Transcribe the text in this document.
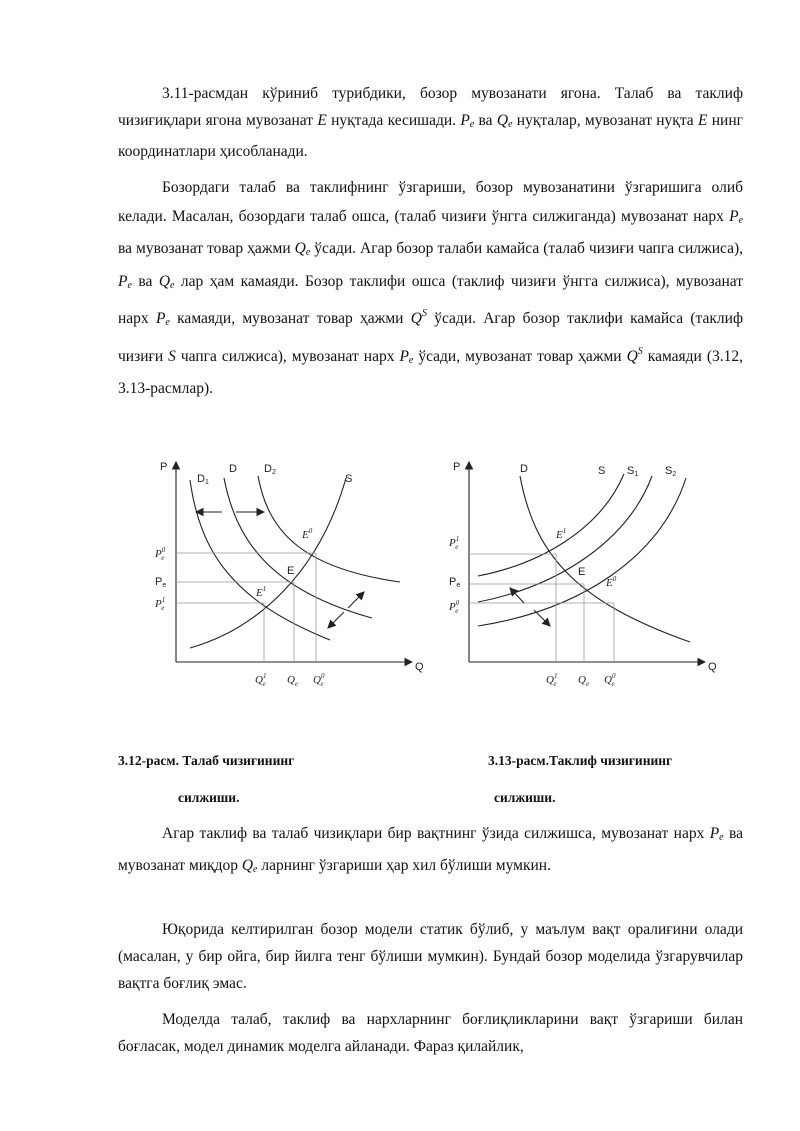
3.11-расмдан кўриниб турибдики, бозор мувозанати ягона. Талаб ва таклиф чизиғиқлари ягона мувозанат E нуқтада кесишади. $P_e$ ва $Q_e$ нуқталар, мувозанат нуқта E нинг координатлари ҳисобланади.
Бозордаги талаб ва таклифнинг ўзгариши, бозор мувозанатини ўзгаришига олиб келади. Масалан, бозордаги талаб ошса, (талаб чизиғи ўнгга силжиганда) мувозанат нарх $P_e$ ва мувозанат товар ҳажми $Q_e$ ўсади. Агар бозор талаби камайса (талаб чизиғи чапга силжиса), $P_e$ ва $Q_e$ лар ҳам камаяди. Бозор таклифи ошса (таклиф чизиғи ўнгга силжиса), мувозанат нарх $P_e$ камаяди, мувозанат товар ҳажми $Q^S$ ўсади. Агар бозор таклифи камайса (таклиф чизиғи S чапга силжиса), мувозанат нарх $P_e$ ўсади, мувозанат товар ҳажми $Q^S$ камаяди (3.12, 3.13-расмлар).
P
Q
D1
D D2
S
$E^0$
E
$E^1$
$P^0$ e
Pe
$P^1$ e
$Q^1$ e $Q_e$ $Q^0$ e
P
Q
D	S S1 S2
$E^1$
E
$E^0$
$P^1$ e
Pe
$P^0$ e
$Q^1$ e $Q_e$ $Q^0$ e
3.12-расм. Талаб чизиғининг
силжиши.
3.13-расм.Таклиф чизиғининг
силжиши.
Агар таклиф ва талаб чизиқлари бир вақтнинг ўзида силжишса, мувозанат нарх $P_e$ ва мувозанат миқдор $Q_e$ ларнинг ўзгариши ҳар хил бўлиши мумкин.
Юқорида келтирилган бозор модели статик бўлиб, у маълум вақт оралиғини олади (масалан, у бир ойга, бир йилга тенг бўлиши мумкин). Бундай бозор моделида ўзгарувчилар вақтга боғлиқ эмас.
Моделда талаб, таклиф ва нархларнинг боғлиқликларини вақт ўзгариши билан боғласак, модел динамик моделга айланади. Фараз қилайлик,
